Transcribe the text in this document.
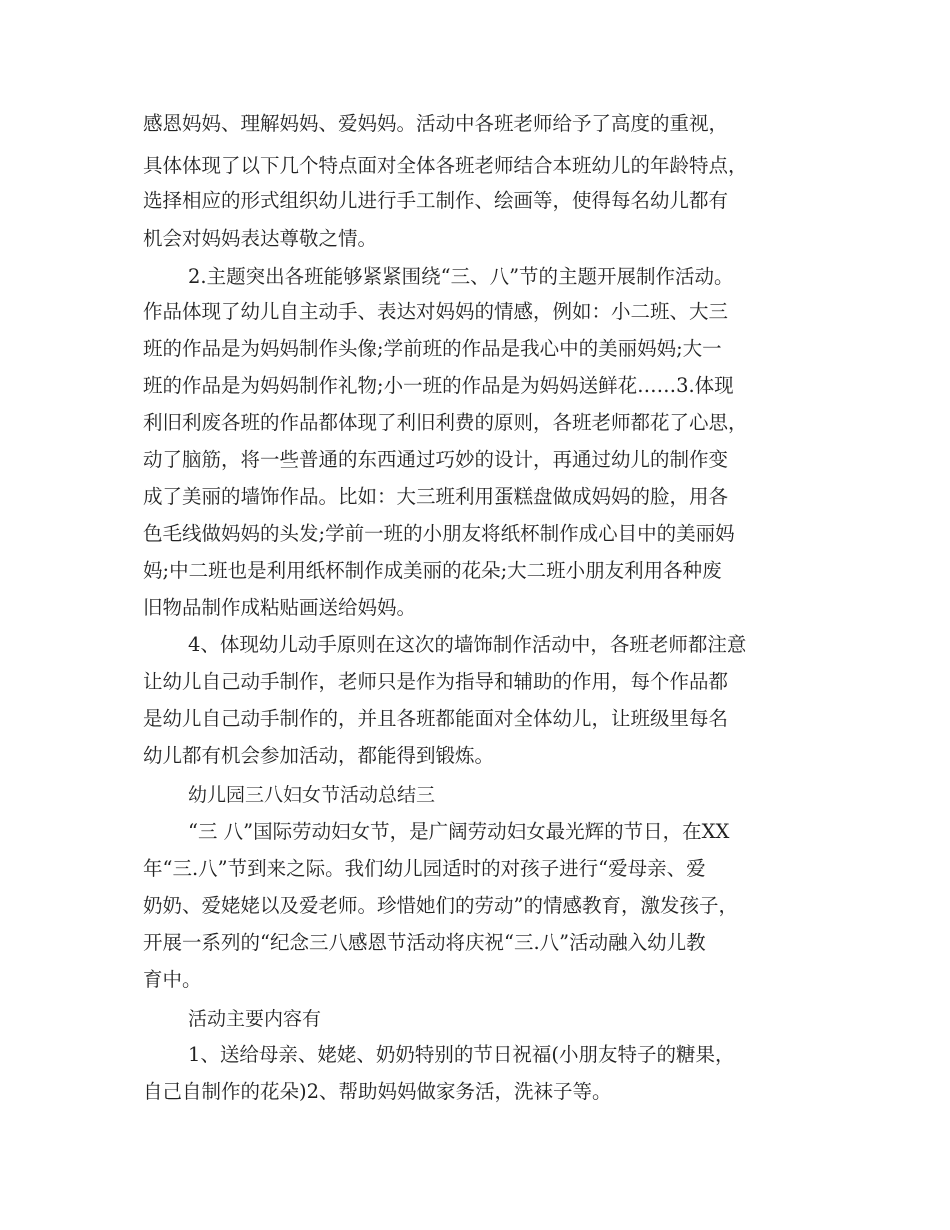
感恩妈妈、理解妈妈、爱妈妈。活动中各班老师给予了高度的重视，
具体体现了以下几个特点面对全体各班老师结合本班幼儿的年龄特点，
选择相应的形式组织幼儿进行手工制作、绘画等，使得每名幼儿都有
机会对妈妈表达尊敬之情。
2.主题突出各班能够紧紧围绕“三、八”节的主题开展制作活动。
作品体现了幼儿自主动手、表达对妈妈的情感，例如：小二班、大三
班的作品是为妈妈制作头像;学前班的作品是我心中的美丽妈妈;大一
班的作品是为妈妈制作礼物;小一班的作品是为妈妈送鲜花……3.体现
利旧利废各班的作品都体现了利旧利费的原则，各班老师都花了心思，
动了脑筋，将一些普通的东西通过巧妙的设计，再通过幼儿的制作变
成了美丽的墙饰作品。比如：大三班利用蛋糕盘做成妈妈的脸，用各
色毛线做妈妈的头发;学前一班的小朋友将纸杯制作成心目中的美丽妈
妈;中二班也是利用纸杯制作成美丽的花朵;大二班小朋友利用各种废
旧物品制作成粘贴画送给妈妈。
4、体现幼儿动手原则在这次的墙饰制作活动中，各班老师都注意
让幼儿自己动手制作，老师只是作为指导和辅助的作用，每个作品都
是幼儿自己动手制作的，并且各班都能面对全体幼儿，让班级里每名
幼儿都有机会参加活动，都能得到锻炼。
幼儿园三八妇女节活动总结三
“三 八”国际劳动妇女节，是广阔劳动妇女最光辉的节日，在XX
年“三.八”节到来之际。我们幼儿园适时的对孩子进行“爱母亲、爱
奶奶、爱姥姥以及爱老师。珍惜她们的劳动”的情感教育，激发孩子，
开展一系列的“纪念三八感恩节活动将庆祝“三.八”活动融入幼儿教
育中。
活动主要内容有
1、送给母亲、姥姥、奶奶特别的节日祝福(小朋友特子的糖果，
自己自制作的花朵)2、帮助妈妈做家务活，洗袜子等。
